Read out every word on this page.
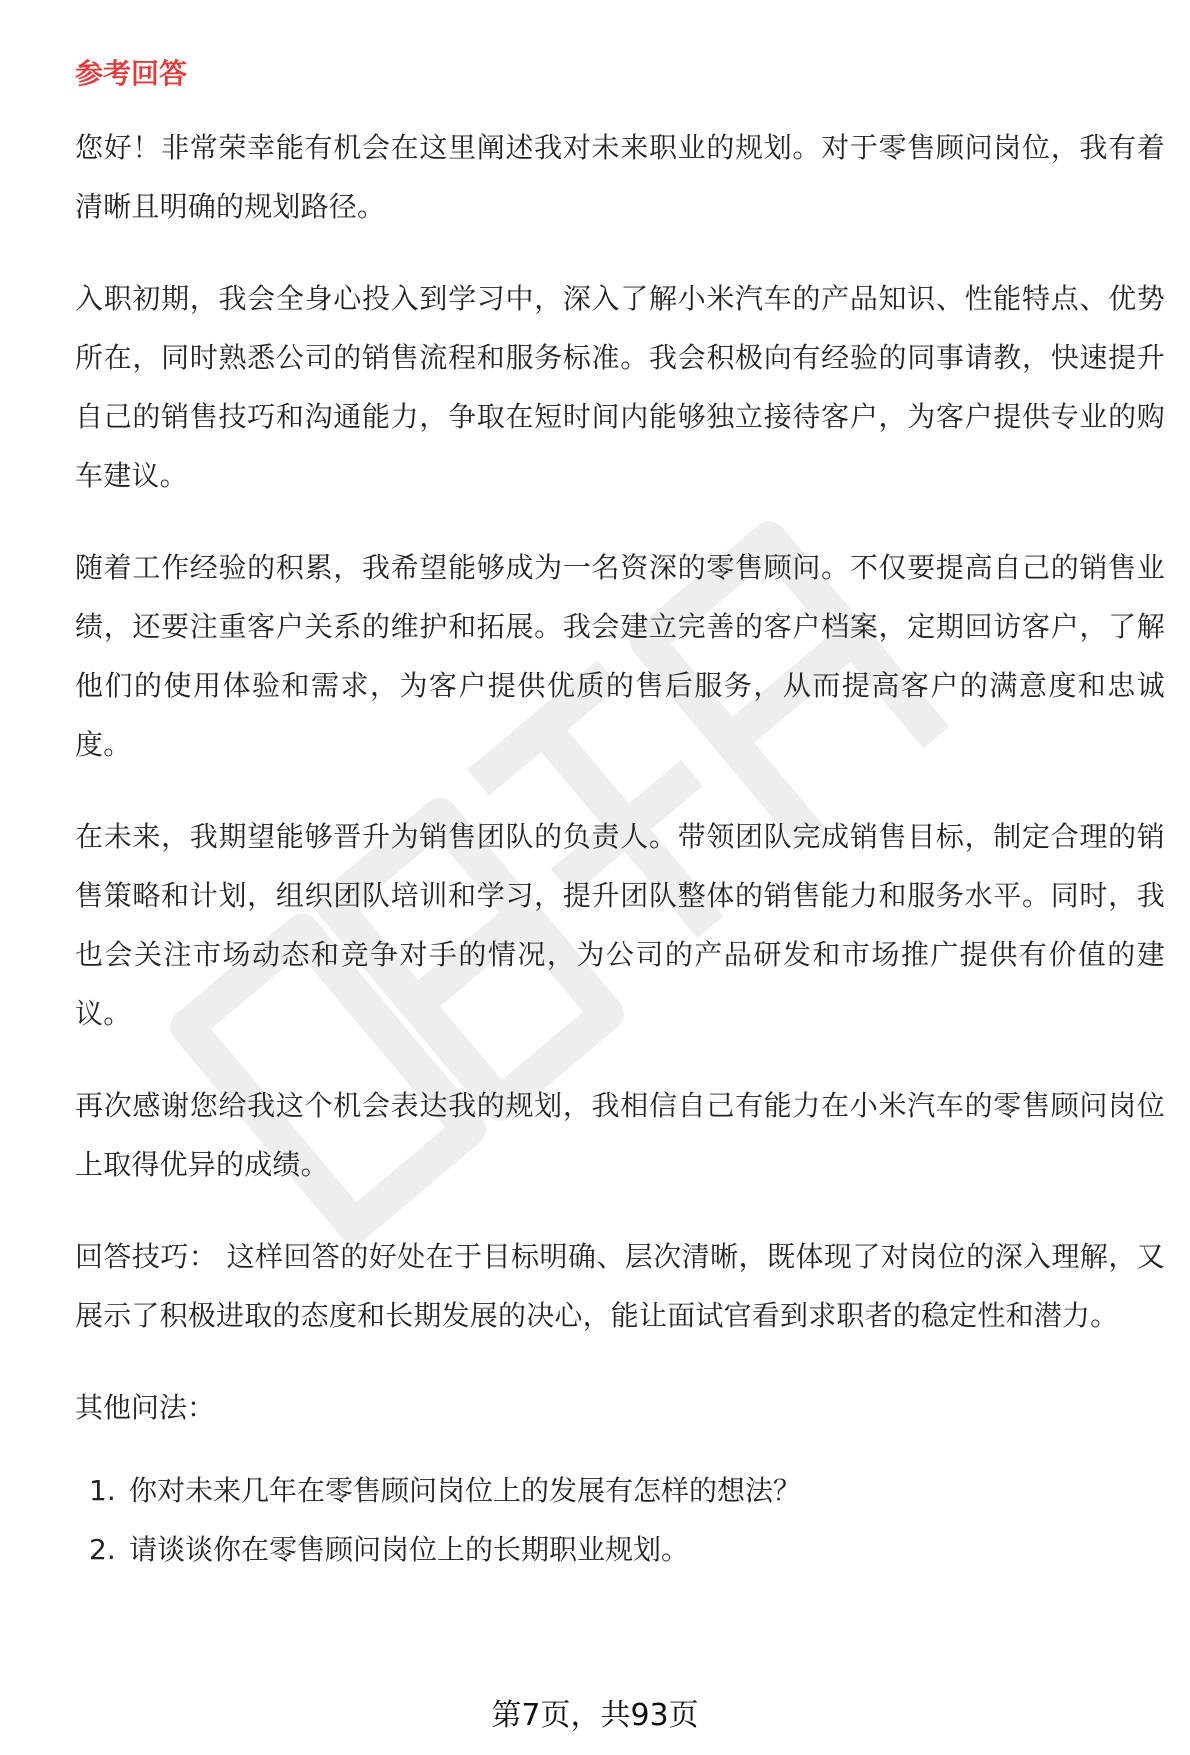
参考回答

您好！非常荣幸能有机会在这里阐述我对未来职业的规划。对于零售顾问岗位，我有着清晰且明确的规划路径。

入职初期，我会全身心投入到学习中，深入了解小米汽车的产品知识、性能特点、优势所在，同时熟悉公司的销售流程和服务标准。我会积极向有经验的同事请教，快速提升自己的销售技巧和沟通能力，争取在短时间内能够独立接待客户，为客户提供专业的购车建议。

随着工作经验的积累，我希望能够成为一名资深的零售顾问。不仅要提高自己的销售业绩，还要注重客户关系的维护和拓展。我会建立完善的客户档案，定期回访客户，了解他们的使用体验和需求，为客户提供优质的售后服务，从而提高客户的满意度和忠诚度。

在未来，我期望能够晋升为销售团队的负责人。带领团队完成销售目标，制定合理的销售策略和计划，组织团队培训和学习，提升团队整体的销售能力和服务水平。同时，我也会关注市场动态和竞争对手的情况，为公司的产品研发和市场推广提供有价值的建议。

再次感谢您给我这个机会表达我的规划，我相信自己有能力在小米汽车的零售顾问岗位上取得优异的成绩。

回答技巧： 这样回答的好处在于目标明确、层次清晰，既体现了对岗位的深入理解，又展示了积极进取的态度和长期发展的决心，能让面试官看到求职者的稳定性和潜力。

其他问法：
1. 你对未来几年在零售顾问岗位上的发展有怎样的想法？
2. 请谈谈你在零售顾问岗位上的长期职业规划。
第7页，共93页
